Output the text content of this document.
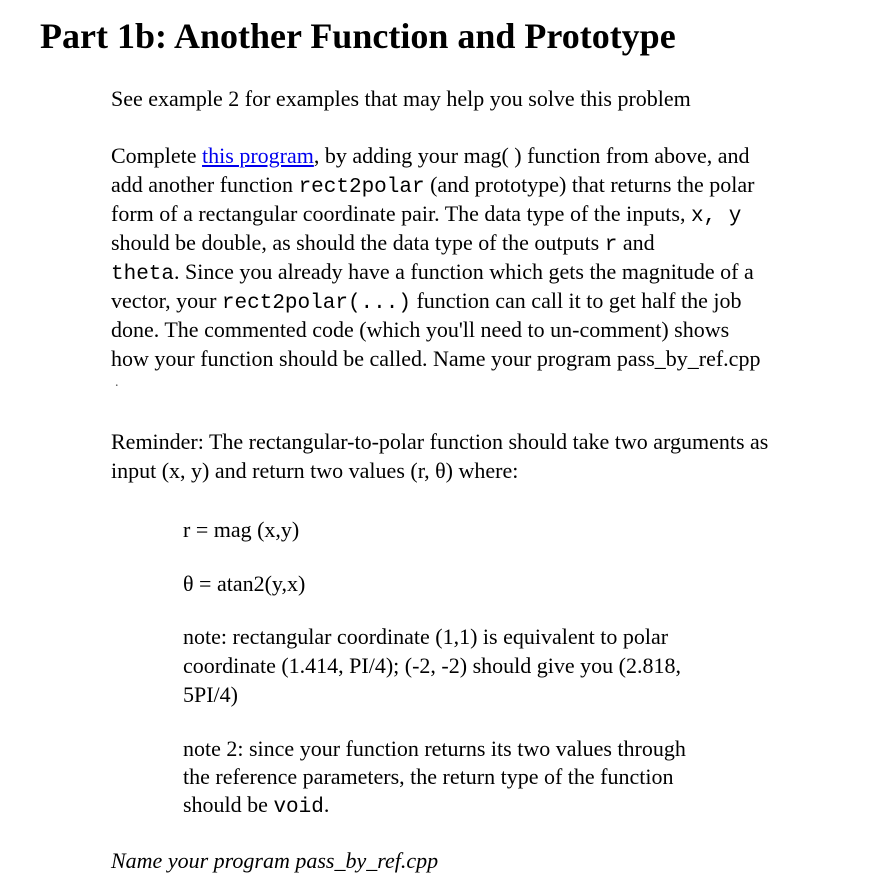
Part 1b: Another Function and Prototype

See example 2 for examples that may help you solve this problem

Complete this program, by adding your mag( ) function from above, and

add another function rect2polar (and prototype) that returns the polar

form of a rectangular coordinate pair. The data type of the inputs, x, y

should be double, as should the data type of the outputs r and

theta. Since you already have a function which gets the magnitude of a

vector, your rect2polar(...) function can call it to get half the job

done. The commented code (which you'll need to un-comment) shows

how your function should be called. Name your program pass_by_ref.cpp

.

Reminder: The rectangular-to-polar function should take two arguments as

input (x, y) and return two values (r, θ) where:

r = mag (x,y)

θ = atan2(y,x)

note: rectangular coordinate (1,1) is equivalent to polar

coordinate (1.414, PI/4); (-2, -2) should give you (2.818,

5PI/4)

note 2: since your function returns its two values through

the reference parameters, the return type of the function

should be void.

Name your program pass_by_ref.cpp
